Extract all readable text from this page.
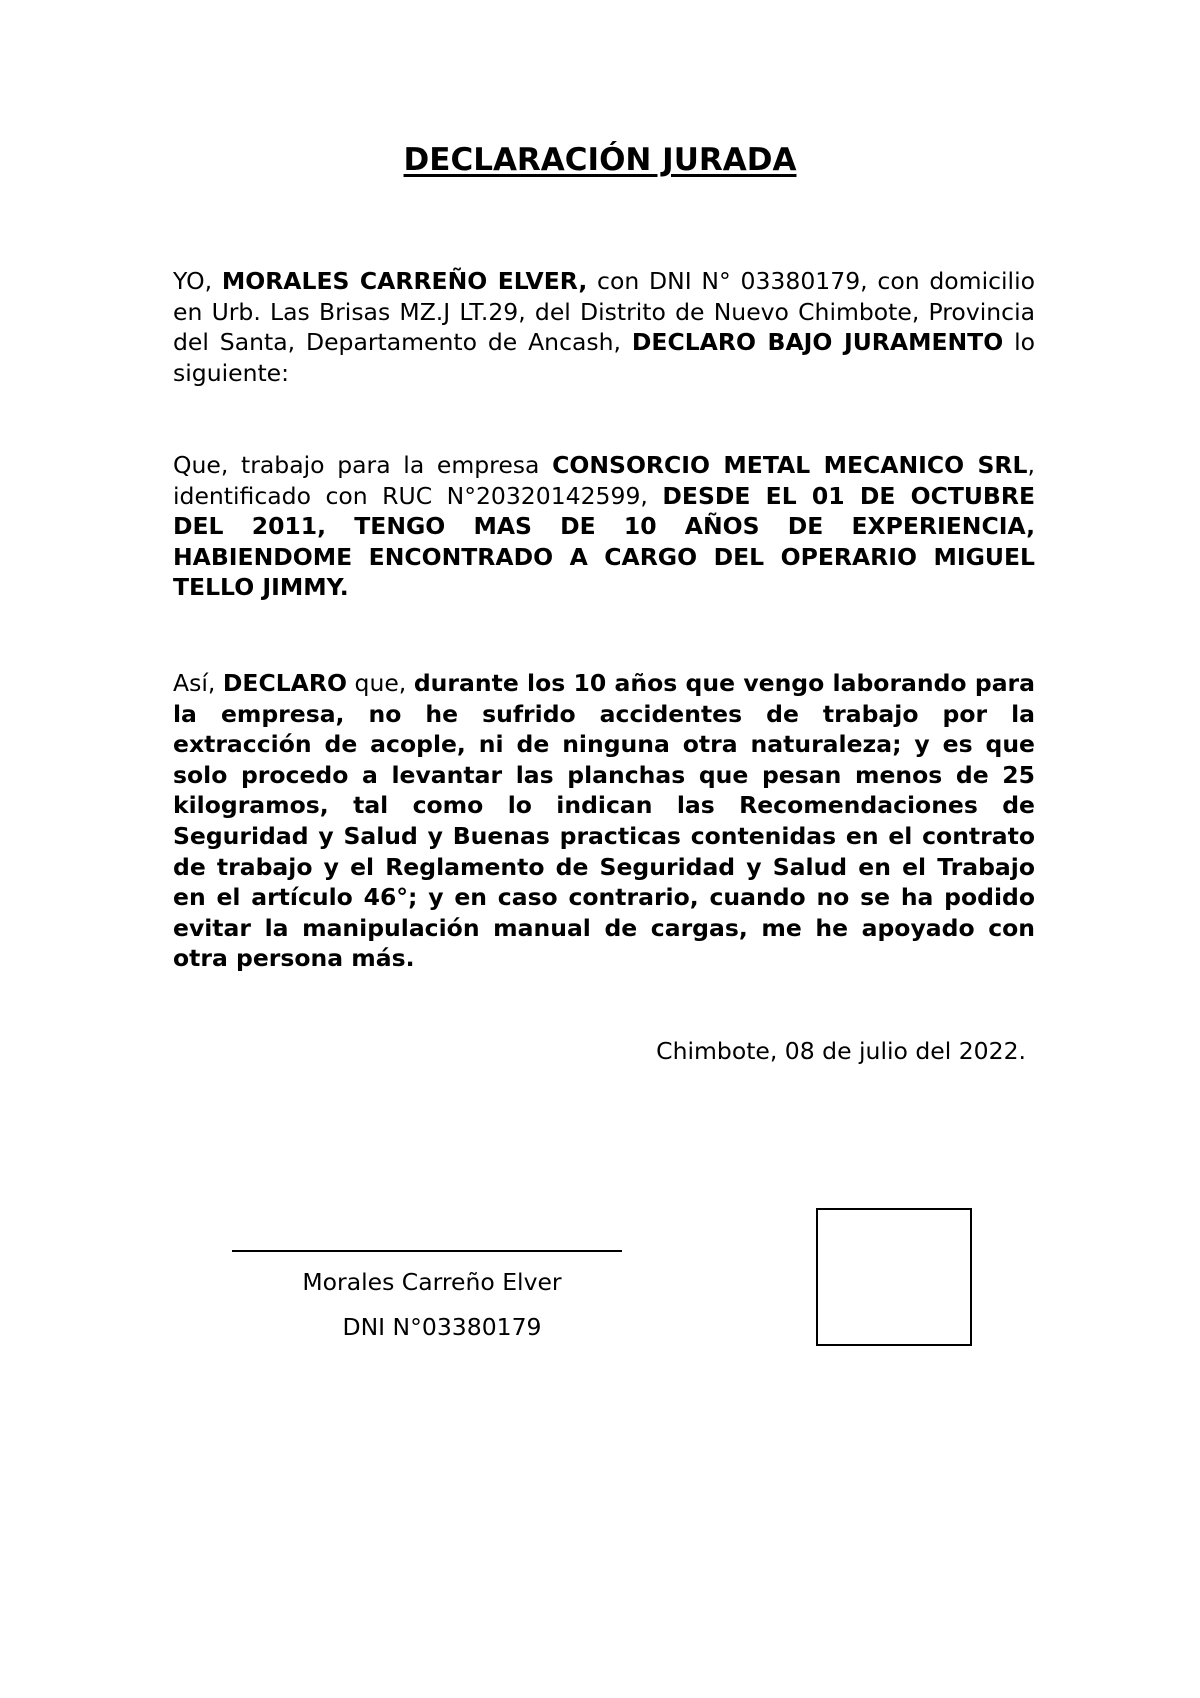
DECLARACIÓN JURADA

YO, MORALES CARREÑO ELVER, con DNI N° 03380179, con domicilio en Urb. Las Brisas MZ.J LT.29, del Distrito de Nuevo Chimbote, Provincia del Santa, Departamento de Ancash, DECLARO BAJO JURAMENTO lo siguiente:

Que, trabajo para la empresa CONSORCIO METAL MECANICO SRL, identificado con RUC N°20320142599, DESDE EL 01 DE OCTUBRE DEL 2011, TENGO MAS DE 10 AÑOS DE EXPERIENCIA, HABIENDOME ENCONTRADO A CARGO DEL OPERARIO MIGUEL TELLO JIMMY.

Así, DECLARO que, durante los 10 años que vengo laborando para la empresa, no he sufrido accidentes de trabajo por la extracción de acople, ni de ninguna otra naturaleza; y es que solo procedo a levantar las planchas que pesan menos de 25 kilogramos, tal como lo indican las Recomendaciones de Seguridad y Salud y Buenas practicas contenidas en el contrato de trabajo y el Reglamento de Seguridad y Salud en el Trabajo en el artículo 46°; y en caso contrario, cuando no se ha podido evitar la manipulación manual de cargas, me he apoyado con otra persona más.

Chimbote, 08 de julio del 2022.
Morales Carreño Elver
DNI N°03380179
